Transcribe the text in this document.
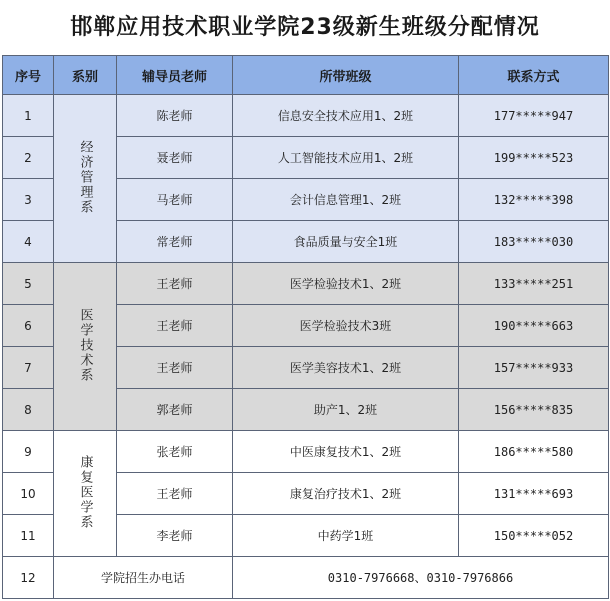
邯郸应用技术职业学院23级新生班级分配情况
序号	系别	辅导员老师	所带班级	联系方式
1	经济管理系	陈老师	信息安全技术应用1、2班	177*****947
2		聂老师	人工智能技术应用1、2班	199*****523
3		马老师	会计信息管理1、2班	132*****398
4		常老师	食品质量与安全1班	183*****030
5	医学技术系	王老师	医学检验技术1、2班	133*****251
6		王老师	医学检验技术3班	190*****663
7		王老师	医学美容技术1、2班	157*****933
8		郭老师	助产1、2班	156*****835
9	康复医学系	张老师	中医康复技术1、2班	186*****580
10		王老师	康复治疗技术1、2班	131*****693
11		李老师	中药学1班	150*****052
12	学院招生办电话		0310-7976668、0310-7976866	
